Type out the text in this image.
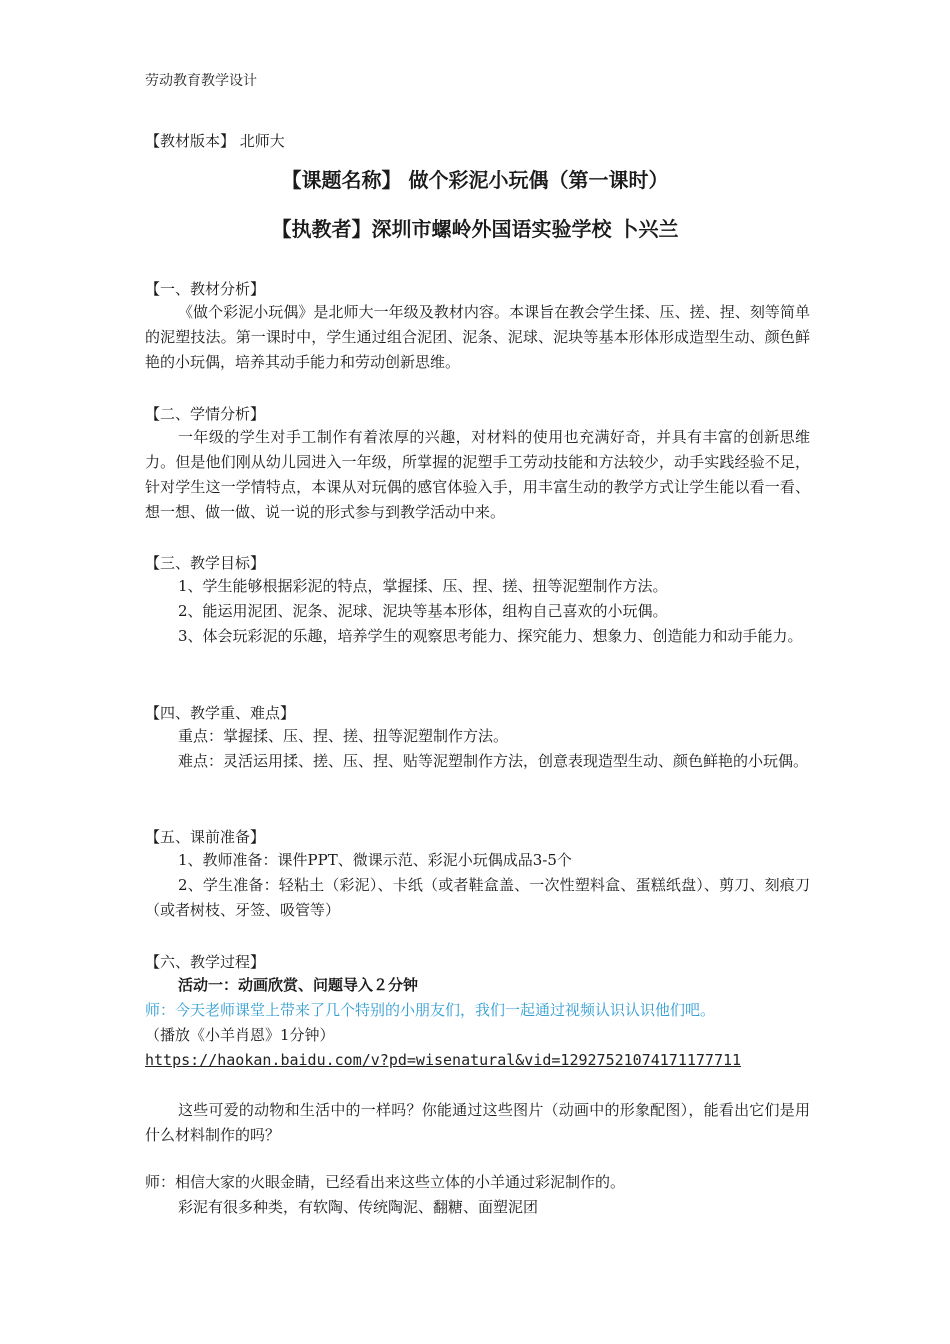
劳动教育教学设计
【教材版本】 北师大
【课题名称】 做个彩泥小玩偶（第一课时）
【执教者】深圳市螺岭外国语实验学校 卜兴兰
【一、教材分析】

《做个彩泥小玩偶》是北师大一年级及教材内容。本课旨在教会学生揉、压、搓、捏、刻等简单的泥塑技法。第一课时中，学生通过组合泥团、泥条、泥球、泥块等基本形体形成造型生动、颜色鲜艳的小玩偶，培养其动手能力和劳动创新思维。

【二、学情分析】

一年级的学生对手工制作有着浓厚的兴趣，对材料的使用也充满好奇，并具有丰富的创新思维力。但是他们刚从幼儿园进入一年级，所掌握的泥塑手工劳动技能和方法较少，动手实践经验不足，针对学生这一学情特点，本课从对玩偶的感官体验入手，用丰富生动的教学方式让学生能以看一看、想一想、做一做、说一说的形式参与到教学活动中来。

【三、教学目标】

1、学生能够根据彩泥的特点，掌握揉、压、捏、搓、扭等泥塑制作方法。

2、能运用泥团、泥条、泥球、泥块等基本形体，组构自己喜欢的小玩偶。

3、体会玩彩泥的乐趣，培养学生的观察思考能力、探究能力、想象力、创造能力和动手能力。

【四、教学重、难点】

重点：掌握揉、压、捏、搓、扭等泥塑制作方法。

难点：灵活运用揉、搓、压、捏、贴等泥塑制作方法，创意表现造型生动、颜色鲜艳的小玩偶。

【五、课前准备】

1、教师准备：课件PPT、微课示范、彩泥小玩偶成品3-5个

2、学生准备：轻粘土（彩泥）、卡纸（或者鞋盒盖、一次性塑料盒、蛋糕纸盘）、剪刀、刻痕刀（或者树枝、牙签、吸管等）

【六、教学过程】

活动一：动画欣赏、问题导入２分钟

师：今天老师课堂上带来了几个特别的小朋友们，我们一起通过视频认识认识他们吧。
（播放《小羊肖恩》1分钟）
https://haokan.baidu.com/v?pd=wisenatural&vid=12927521074171177711

这些可爱的动物和生活中的一样吗？你能通过这些图片（动画中的形象配图），能看出它们是用什么材料制作的吗？

师：相信大家的火眼金睛，已经看出来这些立体的小羊通过彩泥制作的。

彩泥有很多种类，有软陶、传统陶泥、翻糖、面塑泥团
